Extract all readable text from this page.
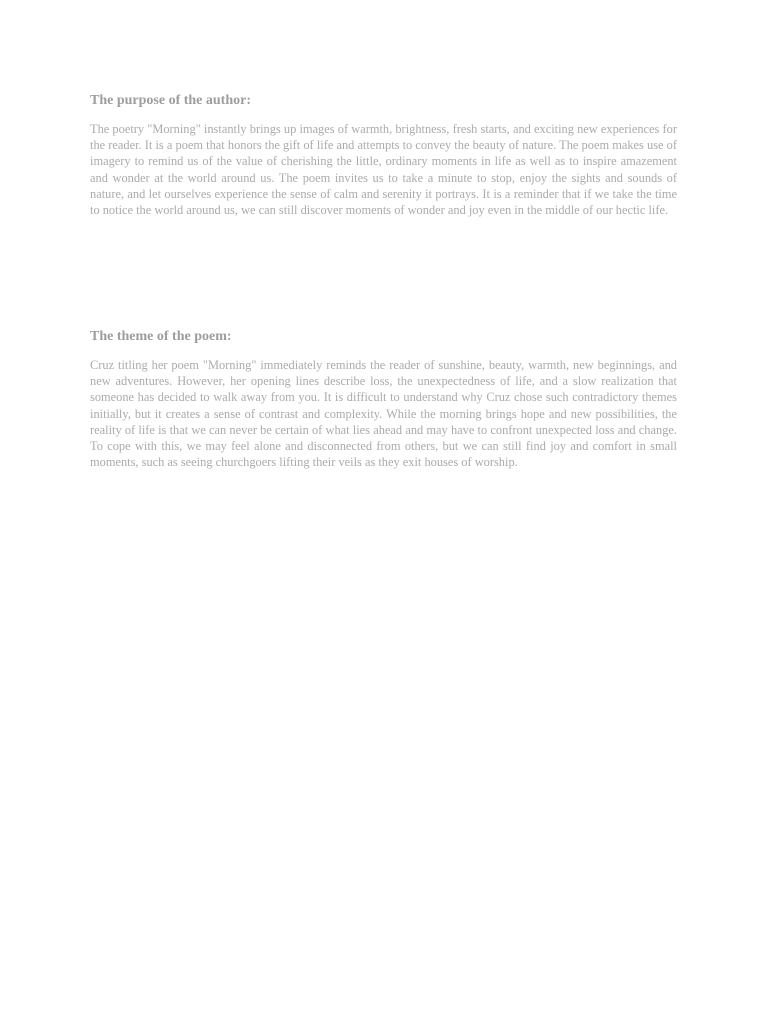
The purpose of the author:

The poetry "Morning" instantly brings up images of warmth, brightness, fresh starts, and exciting new experiences for the reader. It is a poem that honors the gift of life and attempts to convey the beauty of nature. The poem makes use of imagery to remind us of the value of cherishing the little, ordinary moments in life as well as to inspire amazement and wonder at the world around us. The poem invites us to take a minute to stop, enjoy the sights and sounds of nature, and let ourselves experience the sense of calm and serenity it portrays. It is a reminder that if we take the time to notice the world around us, we can still discover moments of wonder and joy even in the middle of our hectic life.

The theme of the poem:

Cruz titling her poem "Morning" immediately reminds the reader of sunshine, beauty, warmth, new beginnings, and new adventures. However, her opening lines describe loss, the unexpectedness of life, and a slow realization that someone has decided to walk away from you. It is difficult to understand why Cruz chose such contradictory themes initially, but it creates a sense of contrast and complexity. While the morning brings hope and new possibilities, the reality of life is that we can never be certain of what lies ahead and may have to confront unexpected loss and change. To cope with this, we may feel alone and disconnected from others, but we can still find joy and comfort in small moments, such as seeing churchgoers lifting their veils as they exit houses of worship.
